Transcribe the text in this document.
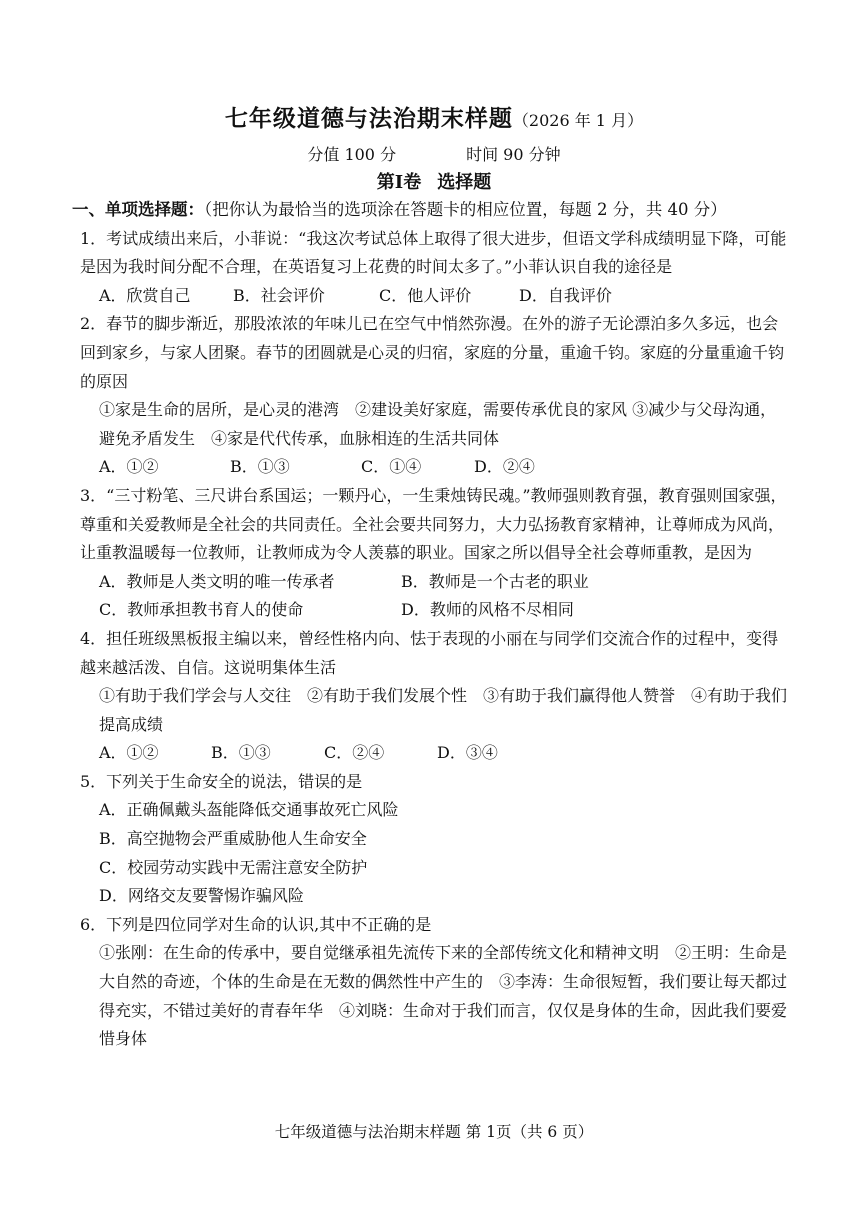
七年级道德与法治期末样题（2026 年 1 月）
分值 100 分	时间 90 分钟
第Ⅰ卷 选择题

一、单项选择题：（把你认为最恰当的选项涂在答题卡的相应位置，每题 2 分，共 40 分）

1．考试成绩出来后，小菲说：“我这次考试总体上取得了很大进步，但语文学科成绩明显下降，可能是因为我时间分配不合理，在英语复习上花费的时间太多了。”小菲认识自我的途径是

A．欣赏自己	B．社会评价	C．他人评价	D．自我评价

2．春节的脚步渐近，那股浓浓的年味儿已在空气中悄然弥漫。在外的游子无论漂泊多久多远，也会回到家乡，与家人团聚。春节的团圆就是心灵的归宿，家庭的分量，重逾千钧。家庭的分量重逾千钧的原因

①家是生命的居所，是心灵的港湾　②建设美好家庭，需要传承优良的家风 ③减少与父母沟通，避免矛盾发生　④家是代代传承，血脉相连的生活共同体

A．①②	B．①③	C．①④	D．②④

3．“三寸粉笔、三尺讲台系国运；一颗丹心，一生秉烛铸民魂。”教师强则教育强，教育强则国家强，尊重和关爱教师是全社会的共同责任。全社会要共同努力，大力弘扬教育家精神，让尊师成为风尚，让重教温暖每一位教师，让教师成为令人羡慕的职业。国家之所以倡导全社会尊师重教，是因为

A．教师是人类文明的唯一传承者	B．教师是一个古老的职业

C．教师承担教书育人的使命	D．教师的风格不尽相同

4．担任班级黑板报主编以来，曾经性格内向、怯于表现的小丽在与同学们交流合作的过程中，变得越来越活泼、自信。这说明集体生活

①有助于我们学会与人交往　②有助于我们发展个性　③有助于我们赢得他人赞誉　④有助于我们提高成绩

A．①②	B．①③	C．②④	D．③④

5．下列关于生命安全的说法，错误的是

A．正确佩戴头盔能降低交通事故死亡风险

B．高空抛物会严重威胁他人生命安全

C．校园劳动实践中无需注意安全防护

D．网络交友要警惕诈骗风险

6．下列是四位同学对生命的认识,其中不正确的是

①张刚：在生命的传承中，要自觉继承祖先流传下来的全部传统文化和精神文明　②王明：生命是大自然的奇迹，个体的生命是在无数的偶然性中产生的　③李涛：生命很短暂，我们要让每天都过得充实，不错过美好的青春年华　④刘晓：生命对于我们而言，仅仅是身体的生命，因此我们要爱惜身体

七年级道德与法治期末样题 第 1页（共 6 页）
